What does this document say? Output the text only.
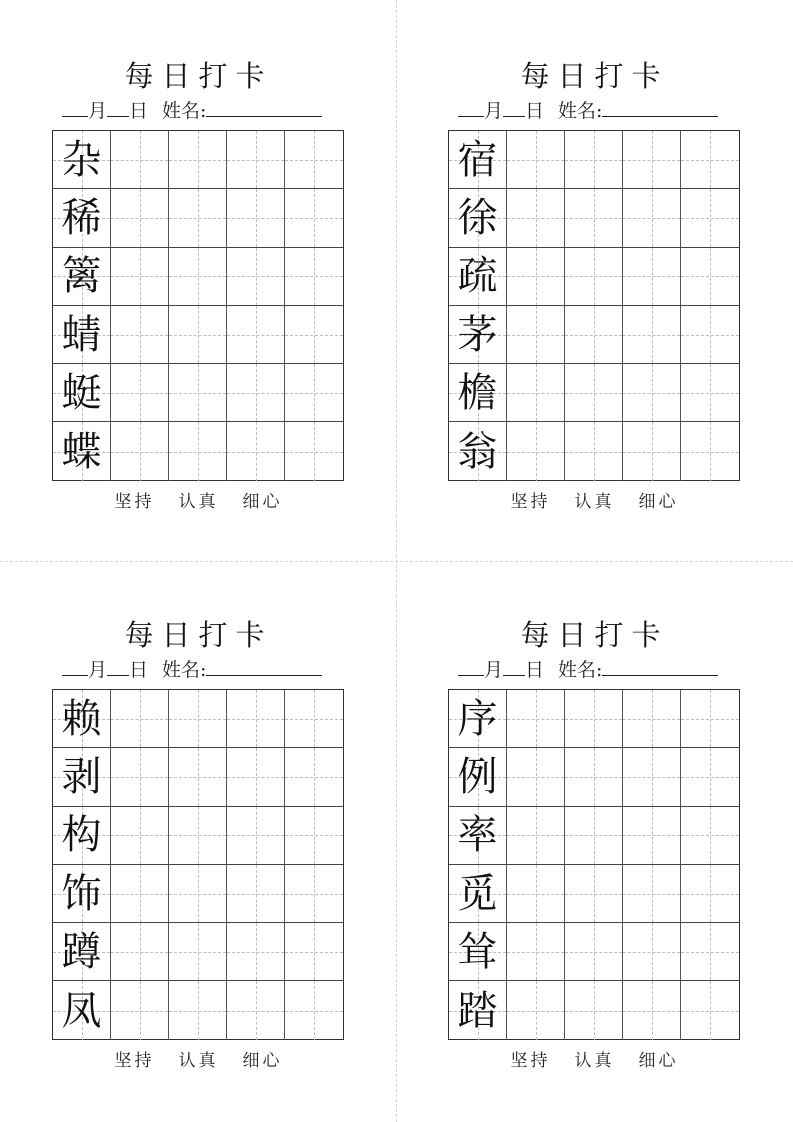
每日打卡
月 日 姓名:
杂
稀
篱
蜻
蜓
蝶
坚持 认真 细心
每日打卡
月 日 姓名:
宿
徐
疏
茅
檐
翁
坚持 认真 细心
每日打卡
月 日 姓名:
赖
剥
构
饰
蹲
凤
坚持 认真 细心
每日打卡
月 日 姓名:
序
例
率
觅
耸
踏
坚持 认真 细心
